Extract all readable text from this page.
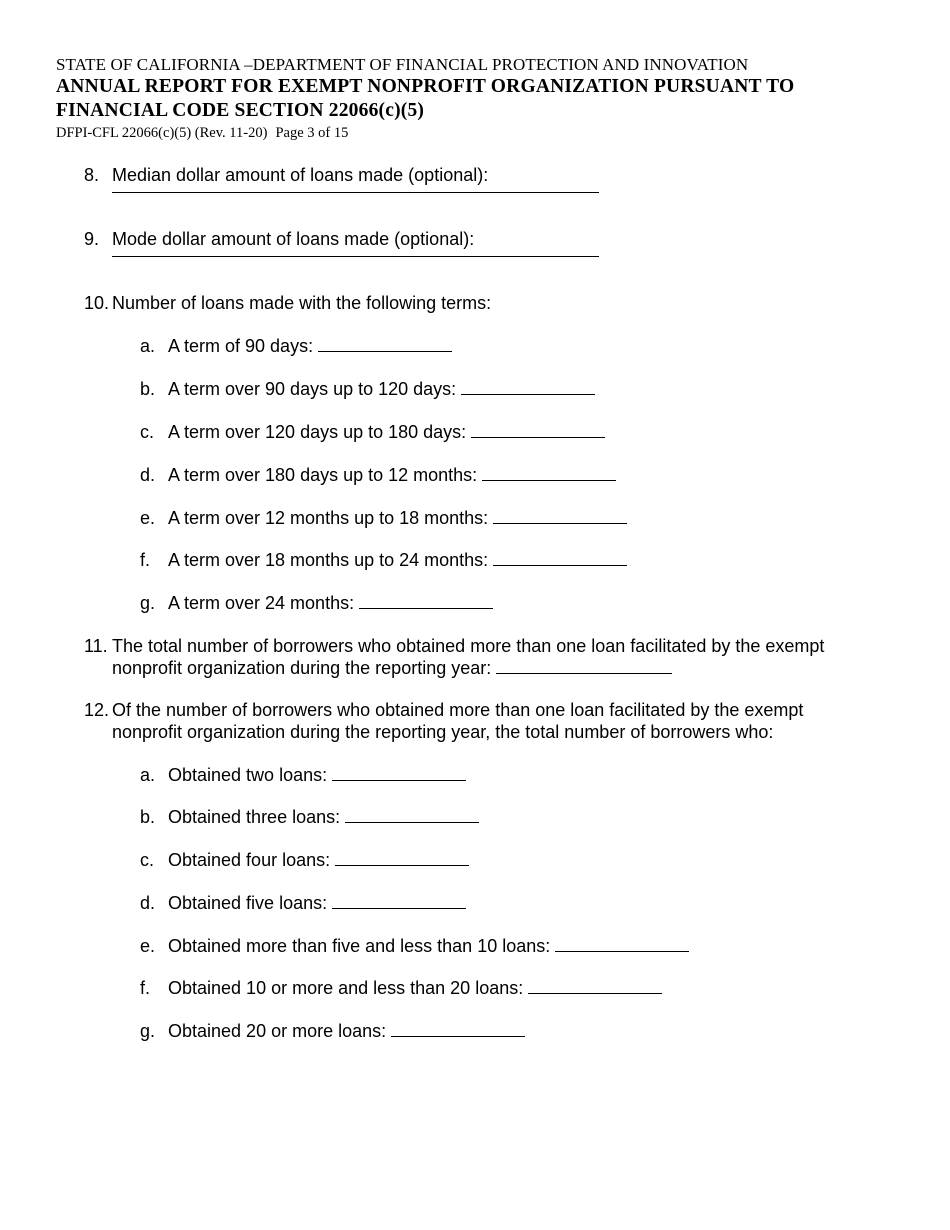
STATE OF CALIFORNIA –DEPARTMENT OF FINANCIAL PROTECTION AND INNOVATION
ANNUAL REPORT FOR EXEMPT NONPROFIT ORGANIZATION PURSUANT TO
FINANCIAL CODE SECTION 22066(c)(5)
DFPI-CFL 22066(c)(5) (Rev. 11-20) Page 3 of 15
8. Median dollar amount of loans made (optional):
9. Mode dollar amount of loans made (optional):
10. Number of loans made with the following terms:
a. A term of 90 days:
b. A term over 90 days up to 120 days:
c. A term over 120 days up to 180 days:
d. A term over 180 days up to 12 months:
e. A term over 12 months up to 18 months:
f. A term over 18 months up to 24 months:
g. A term over 24 months:
11. The total number of borrowers who obtained more than one loan facilitated by the exempt
nonprofit organization during the reporting year:
12. Of the number of borrowers who obtained more than one loan facilitated by the exempt
nonprofit organization during the reporting year, the total number of borrowers who:
a. Obtained two loans:
b. Obtained three loans:
c. Obtained four loans:
d. Obtained five loans:
e. Obtained more than five and less than 10 loans:
f. Obtained 10 or more and less than 20 loans:
g. Obtained 20 or more loans:
